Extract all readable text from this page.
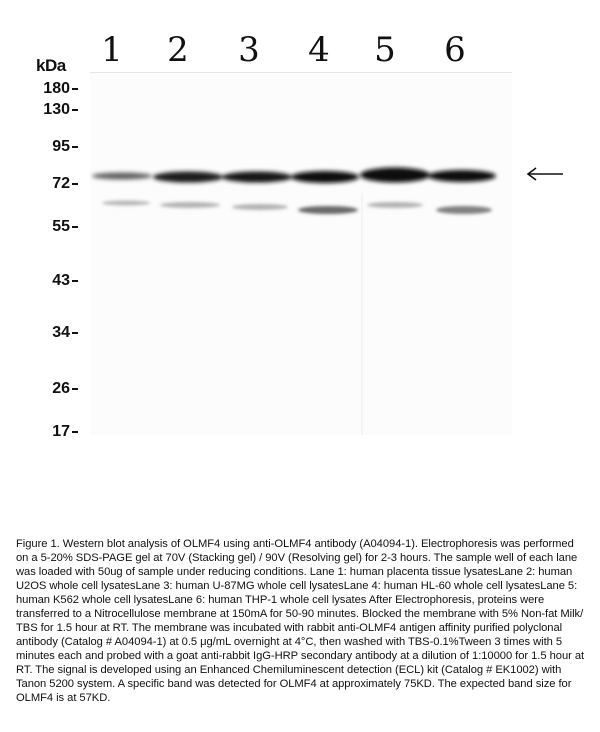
1 2 3 4 5 6
kDa
180
130
95
72
55
43
34
26
17

Figure 1. Western blot analysis of OLMF4 using anti-OLMF4 antibody (A04094-1). Electrophoresis was performed on a 5-20% SDS-PAGE gel at 70V (Stacking gel) / 90V (Resolving gel) for 2-3 hours. The sample well of each lane was loaded with 50ug of sample under reducing conditions. Lane 1: human placenta tissue lysatesLane 2: human U2OS whole cell lysatesLane 3: human U-87MG whole cell lysatesLane 4: human HL-60 whole cell lysatesLane 5: human K562 whole cell lysatesLane 6: human THP-1 whole cell lysates After Electrophoresis, proteins were transferred to a Nitrocellulose membrane at 150mA for 50-90 minutes. Blocked the membrane with 5% Non-fat Milk/ TBS for 1.5 hour at RT. The membrane was incubated with rabbit anti-OLMF4 antigen affinity purified polyclonal antibody (Catalog # A04094-1) at 0.5 μg/mL overnight at 4°C, then washed with TBS-0.1%Tween 3 times with 5 minutes each and probed with a goat anti-rabbit IgG-HRP secondary antibody at a dilution of 1:10000 for 1.5 hour at RT. The signal is developed using an Enhanced Chemiluminescent detection (ECL) kit (Catalog # EK1002) with Tanon 5200 system. A specific band was detected for OLMF4 at approximately 75KD. The expected band size for OLMF4 is at 57KD.
